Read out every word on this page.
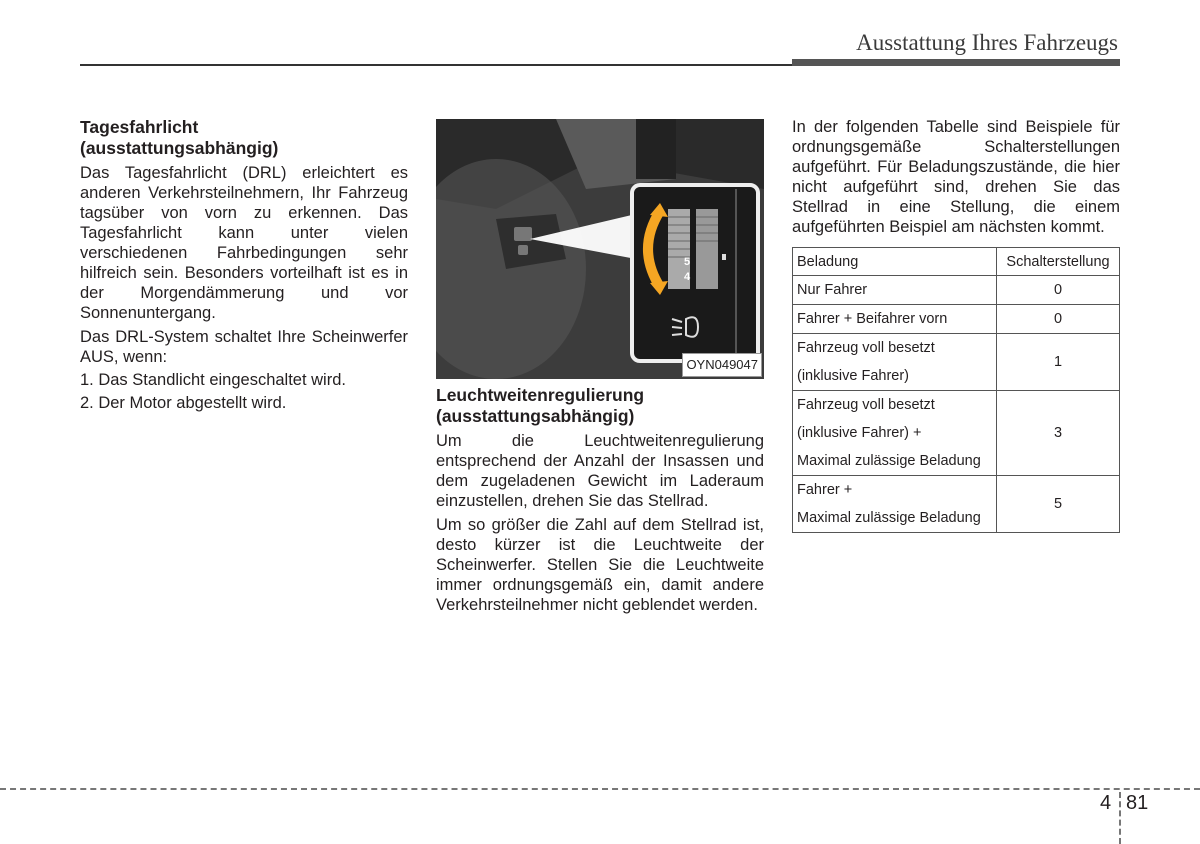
Ausstattung Ihres Fahrzeugs
Tagesfahrlicht
(ausstattungsabhängig)

Das Tagesfahrlicht (DRL) erleichtert es anderen Verkehrsteilnehmern, Ihr Fahrzeug tagsüber von vorn zu erkennen. Das Tagesfahrlicht kann unter vielen verschiedenen Fahrbedingungen sehr hilfreich sein. Besonders vorteilhaft ist es in der Morgendämmerung und vor Sonnenuntergang.

Das DRL-System schaltet Ihre Scheinwerfer AUS, wenn:

1. Das Standlicht eingeschaltet wird.

2. Der Motor abgestellt wird.

5
4
OYN049047
Leuchtweitenregulierung
(ausstattungsabhängig)

Um die Leuchtweitenregulierung entsprechend der Anzahl der Insassen und dem zugeladenen Gewicht im Laderaum einzustellen, drehen Sie das Stellrad.

Um so größer die Zahl auf dem Stellrad ist, desto kürzer ist die Leuchtweite der Scheinwerfer. Stellen Sie die Leuchtweite immer ordnungsgemäß ein, damit andere Verkehrsteilnehmer nicht geblendet werden.

In der folgenden Tabelle sind Beispiele für ordnungsgemäße Schalterstellungen aufgeführt. Für Beladungszustände, die hier nicht aufgeführt sind, drehen Sie das Stellrad in eine Stellung, die einem aufgeführten Beispiel am nächsten kommt.

Beladung	Schalterstellung

Nur Fahrer	0

Fahrer + Beifahrer vorn	0

Fahrzeug voll besetzt
(inklusive Fahrer)	1

Fahrzeug voll besetzt
(inklusive Fahrer) +
Maximal zulässige Beladung	3

Fahrer +
Maximal zulässige Beladung	5
4 81
